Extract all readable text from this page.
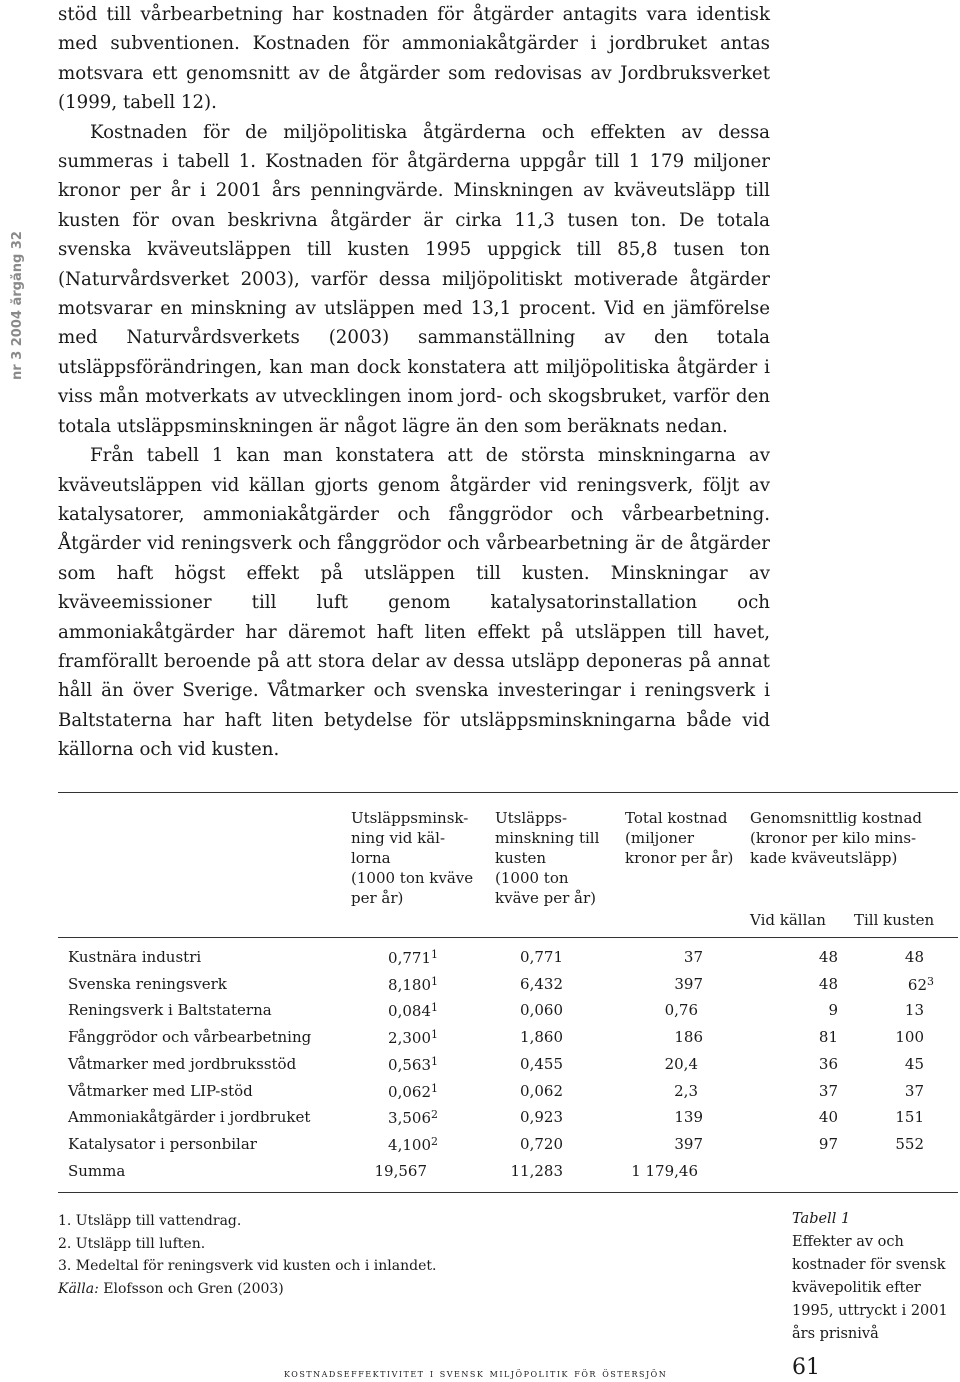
nr 3 2004 årgång 32

stöd till vårbearbetning har kostnaden för åtgärder antagits vara identisk med subventionen. Kostnaden för ammoniakåtgärder i jordbruket antas motsvara ett genomsnitt av de åtgärder som redovisas av Jordbruksverket (1999, tabell 12).

Kostnaden för de miljöpolitiska åtgärderna och effekten av dessa summeras i tabell 1. Kostnaden för åtgärderna uppgår till 1 179 miljoner kronor per år i 2001 års penningvärde. Minskningen av kväveutsläpp till kusten för ovan beskrivna åtgärder är cirka 11,3 tusen ton. De totala svenska kväveutsläppen till kusten 1995 uppgick till 85,8 tusen ton (Naturvårdsverket 2003), varför dessa miljöpolitiskt motiverade åtgärder motsvarar en minskning av utsläppen med 13,1 procent. Vid en jämförelse med Naturvårdsverkets (2003) sammanställning av den totala utsläppsförändringen, kan man dock konstatera att miljöpolitiska åtgärder i viss mån motverkats av utvecklingen inom jord- och skogsbruket, varför den totala utsläppsminskningen är något lägre än den som beräknats nedan.

Från tabell 1 kan man konstatera att de största minskningarna av kväveutsläppen vid källan gjorts genom åtgärder vid reningsverk, följt av katalysatorer, ammoniakåtgärder och fånggrödor och vårbearbetning. Åtgärder vid reningsverk och fånggrödor och vårbearbetning är de åtgärder som haft högst effekt på utsläppen till kusten. Minskningar av kväveemissioner till luft genom katalysatorinstallation och ammoniakåtgärder har däremot haft liten effekt på utsläppen till havet, framförallt beroende på att stora delar av dessa utsläpp deponeras på annat håll än över Sverige. Våtmarker och svenska investeringar i reningsverk i Baltstaterna har haft liten betydelse för utsläppsminskningarna både vid källorna och vid kusten.

Utsläppsminsk-
ning vid käl-
lorna
(1000 ton kväve
per år)
Utsläpps-
minskning till
kusten
(1000 ton
kväve per år)
Total kostnad
(miljoner
kronor per år)
Genomsnittlig kostnad
(kronor per kilo mins-
kade kväveutsläpp)
Vid källan Till kusten
Kustnära industri	0,771$^1$	0,771	37	48	48
Svenska reningsverk	8,180$^1$	6,432	397	48	$62^3$
Reningsverk i Baltstaterna	0,084$^1$	0,060	0,76	9	13
Fånggrödor och vårbearbetning	2,300$^1$	1,860	186	81	100
Våtmarker med jordbruksstöd	0,563$^1$	0,455	20,4	36	45
Våtmarker med LIP-stöd	0,062$^1$	0,062	2,3	37	37
Ammoniakåtgärder i jordbruket	3,506$^2$	0,923	139	40	151
Katalysator i personbilar	4,100$^2$	0,720	397	97	552
Summa	19,567	11,283	1 179,46
1. Utsläpp till vattendrag.
2. Utsläpp till luften.
3. Medeltal för reningsverk vid kusten och i inlandet.
Källa: Elofsson och Gren (2003)
Tabell 1
Effekter av och kostnader för svensk kvävepolitik efter 1995, uttryckt i 2001 års prisnivå
kostnadseffektivitet i svensk miljöpolitik för östersjön	61
